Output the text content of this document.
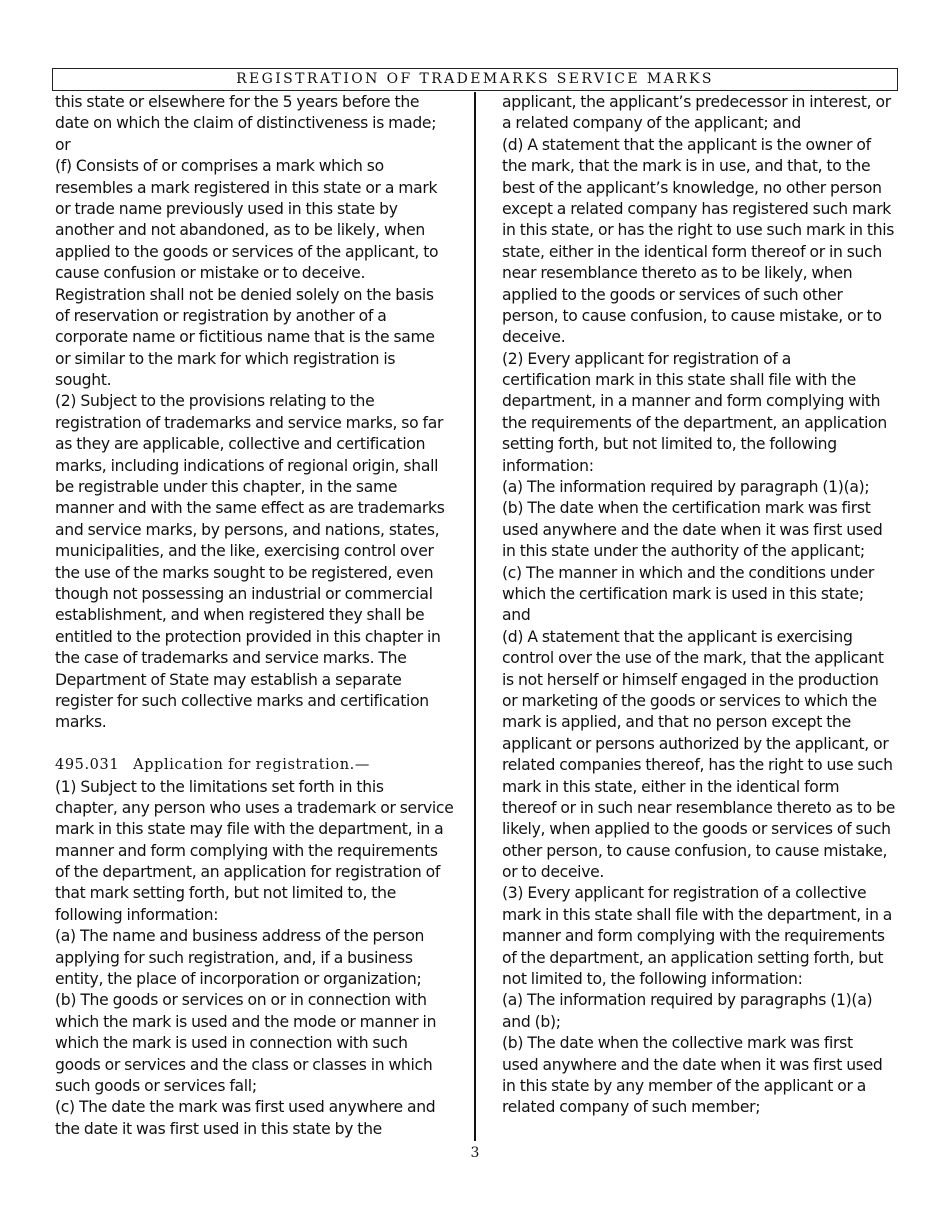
REGISTRATION OF TRADEMARKS SERVICE MARKS
this state or elsewhere for the 5 years before the
date on which the claim of distinctiveness is made;
or
(f) Consists of or comprises a mark which so
resembles a mark registered in this state or a mark
or trade name previously used in this state by
another and not abandoned, as to be likely, when
applied to the goods or services of the applicant, to
cause confusion or mistake or to deceive.
Registration shall not be denied solely on the basis
of reservation or registration by another of a
corporate name or fictitious name that is the same
or similar to the mark for which registration is
sought.
(2) Subject to the provisions relating to the
registration of trademarks and service marks, so far
as they are applicable, collective and certification
marks, including indications of regional origin, shall
be registrable under this chapter, in the same
manner and with the same effect as are trademarks
and service marks, by persons, and nations, states,
municipalities, and the like, exercising control over
the use of the marks sought to be registered, even
though not possessing an industrial or commercial
establishment, and when registered they shall be
entitled to the protection provided in this chapter in
the case of trademarks and service marks. The
Department of State may establish a separate
register for such collective marks and certification
marks.
495.031 Application for registration.—
(1) Subject to the limitations set forth in this
chapter, any person who uses a trademark or service
mark in this state may file with the department, in a
manner and form complying with the requirements
of the department, an application for registration of
that mark setting forth, but not limited to, the
following information:
(a) The name and business address of the person
applying for such registration, and, if a business
entity, the place of incorporation or organization;
(b) The goods or services on or in connection with
which the mark is used and the mode or manner in
which the mark is used in connection with such
goods or services and the class or classes in which
such goods or services fall;
(c) The date the mark was first used anywhere and
the date it was first used in this state by the
applicant, the applicant’s predecessor in interest, or
a related company of the applicant; and
(d) A statement that the applicant is the owner of
the mark, that the mark is in use, and that, to the
best of the applicant’s knowledge, no other person
except a related company has registered such mark
in this state, or has the right to use such mark in this
state, either in the identical form thereof or in such
near resemblance thereto as to be likely, when
applied to the goods or services of such other
person, to cause confusion, to cause mistake, or to
deceive.
(2) Every applicant for registration of a
certification mark in this state shall file with the
department, in a manner and form complying with
the requirements of the department, an application
setting forth, but not limited to, the following
information:
(a) The information required by paragraph (1)(a);
(b) The date when the certification mark was first
used anywhere and the date when it was first used
in this state under the authority of the applicant;
(c) The manner in which and the conditions under
which the certification mark is used in this state;
and
(d) A statement that the applicant is exercising
control over the use of the mark, that the applicant
is not herself or himself engaged in the production
or marketing of the goods or services to which the
mark is applied, and that no person except the
applicant or persons authorized by the applicant, or
related companies thereof, has the right to use such
mark in this state, either in the identical form
thereof or in such near resemblance thereto as to be
likely, when applied to the goods or services of such
other person, to cause confusion, to cause mistake,
or to deceive.
(3) Every applicant for registration of a collective
mark in this state shall file with the department, in a
manner and form complying with the requirements
of the department, an application setting forth, but
not limited to, the following information:
(a) The information required by paragraphs (1)(a)
and (b);
(b) The date when the collective mark was first
used anywhere and the date when it was first used
in this state by any member of the applicant or a
related company of such member;
3
